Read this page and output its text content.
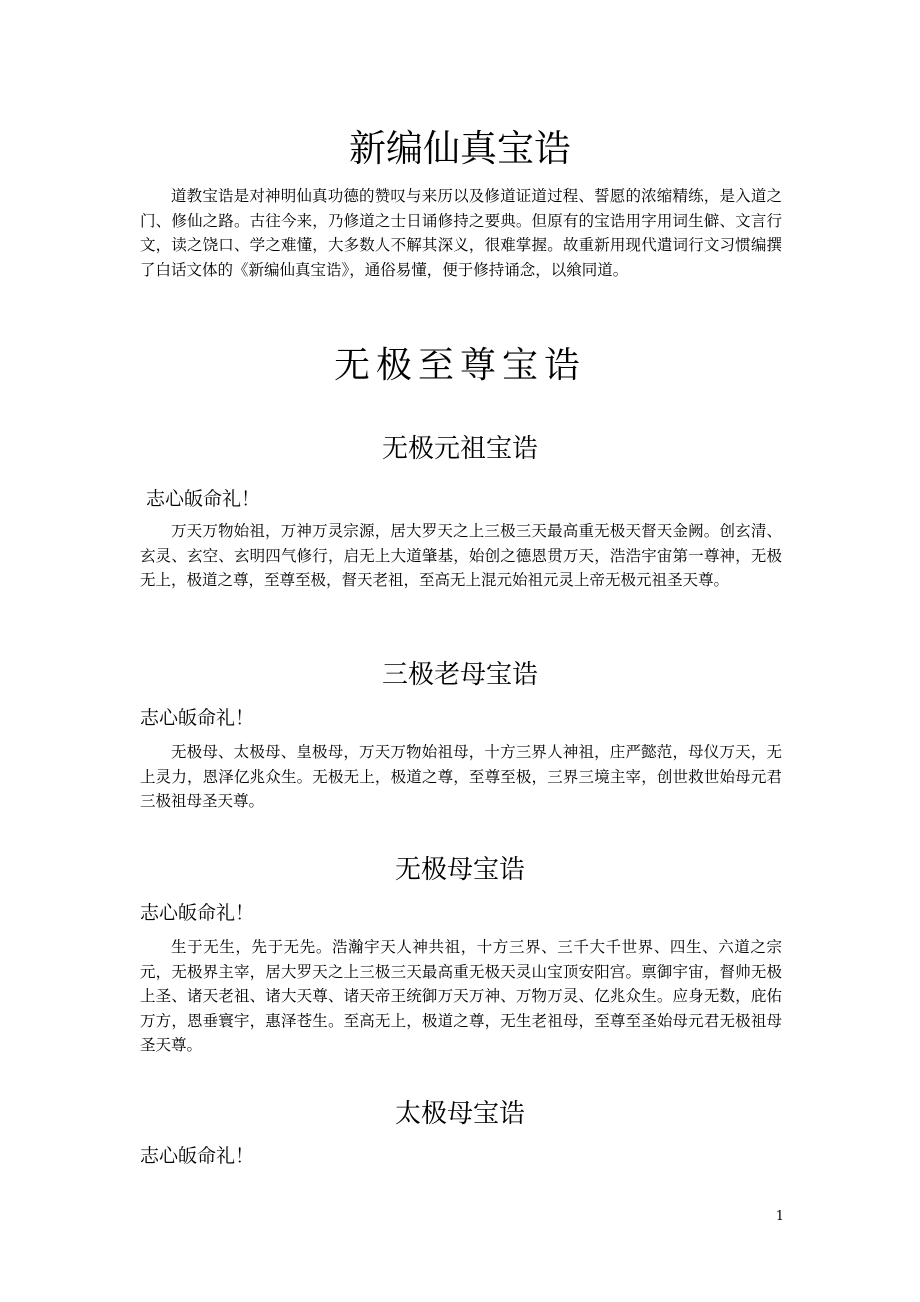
新编仙真宝诰

道教宝诰是对神明仙真功德的赞叹与来历以及修道证道过程、誓愿的浓缩精练，是入道之门、修仙之路。古往今来，乃修道之士日诵修持之要典。但原有的宝诰用字用词生僻、文言行文，读之饶口、学之难懂，大多数人不解其深义，很难掌握。故重新用现代遣词行文习惯编撰了白话文体的《新编仙真宝诰》，通俗易懂，便于修持诵念，以飨同道。

无极至尊宝诰
无极元祖宝诰

志心皈命礼！

万天万物始祖，万神万灵宗源，居大罗天之上三极三天最高重无极天督天金阙。创玄清、玄灵、玄空、玄明四气修行，启无上大道肇基，始创之德恩贯万天，浩浩宇宙第一尊神，无极无上，极道之尊，至尊至极，督天老祖，至高无上混元始祖元灵上帝无极元祖圣天尊。

三极老母宝诰

志心皈命礼！

无极母、太极母、皇极母，万天万物始祖母，十方三界人神祖，庄严懿范，母仪万天，无上灵力，恩泽亿兆众生。无极无上，极道之尊，至尊至极，三界三境主宰，创世救世始母元君三极祖母圣天尊。

无极母宝诰

志心皈命礼！

生于无生，先于无先。浩瀚宇天人神共祖，十方三界、三千大千世界、四生、六道之宗元，无极界主宰，居大罗天之上三极三天最高重无极天灵山宝顶安阳宫。禀御宇宙，督帅无极上圣、诸天老祖、诸大天尊、诸天帝王统御万天万神、万物万灵、亿兆众生。应身无数，庇佑万方，恩垂寰宇，惠泽苍生。至高无上，极道之尊，无生老祖母，至尊至圣始母元君无极祖母圣天尊。

太极母宝诰

志心皈命礼！

1
